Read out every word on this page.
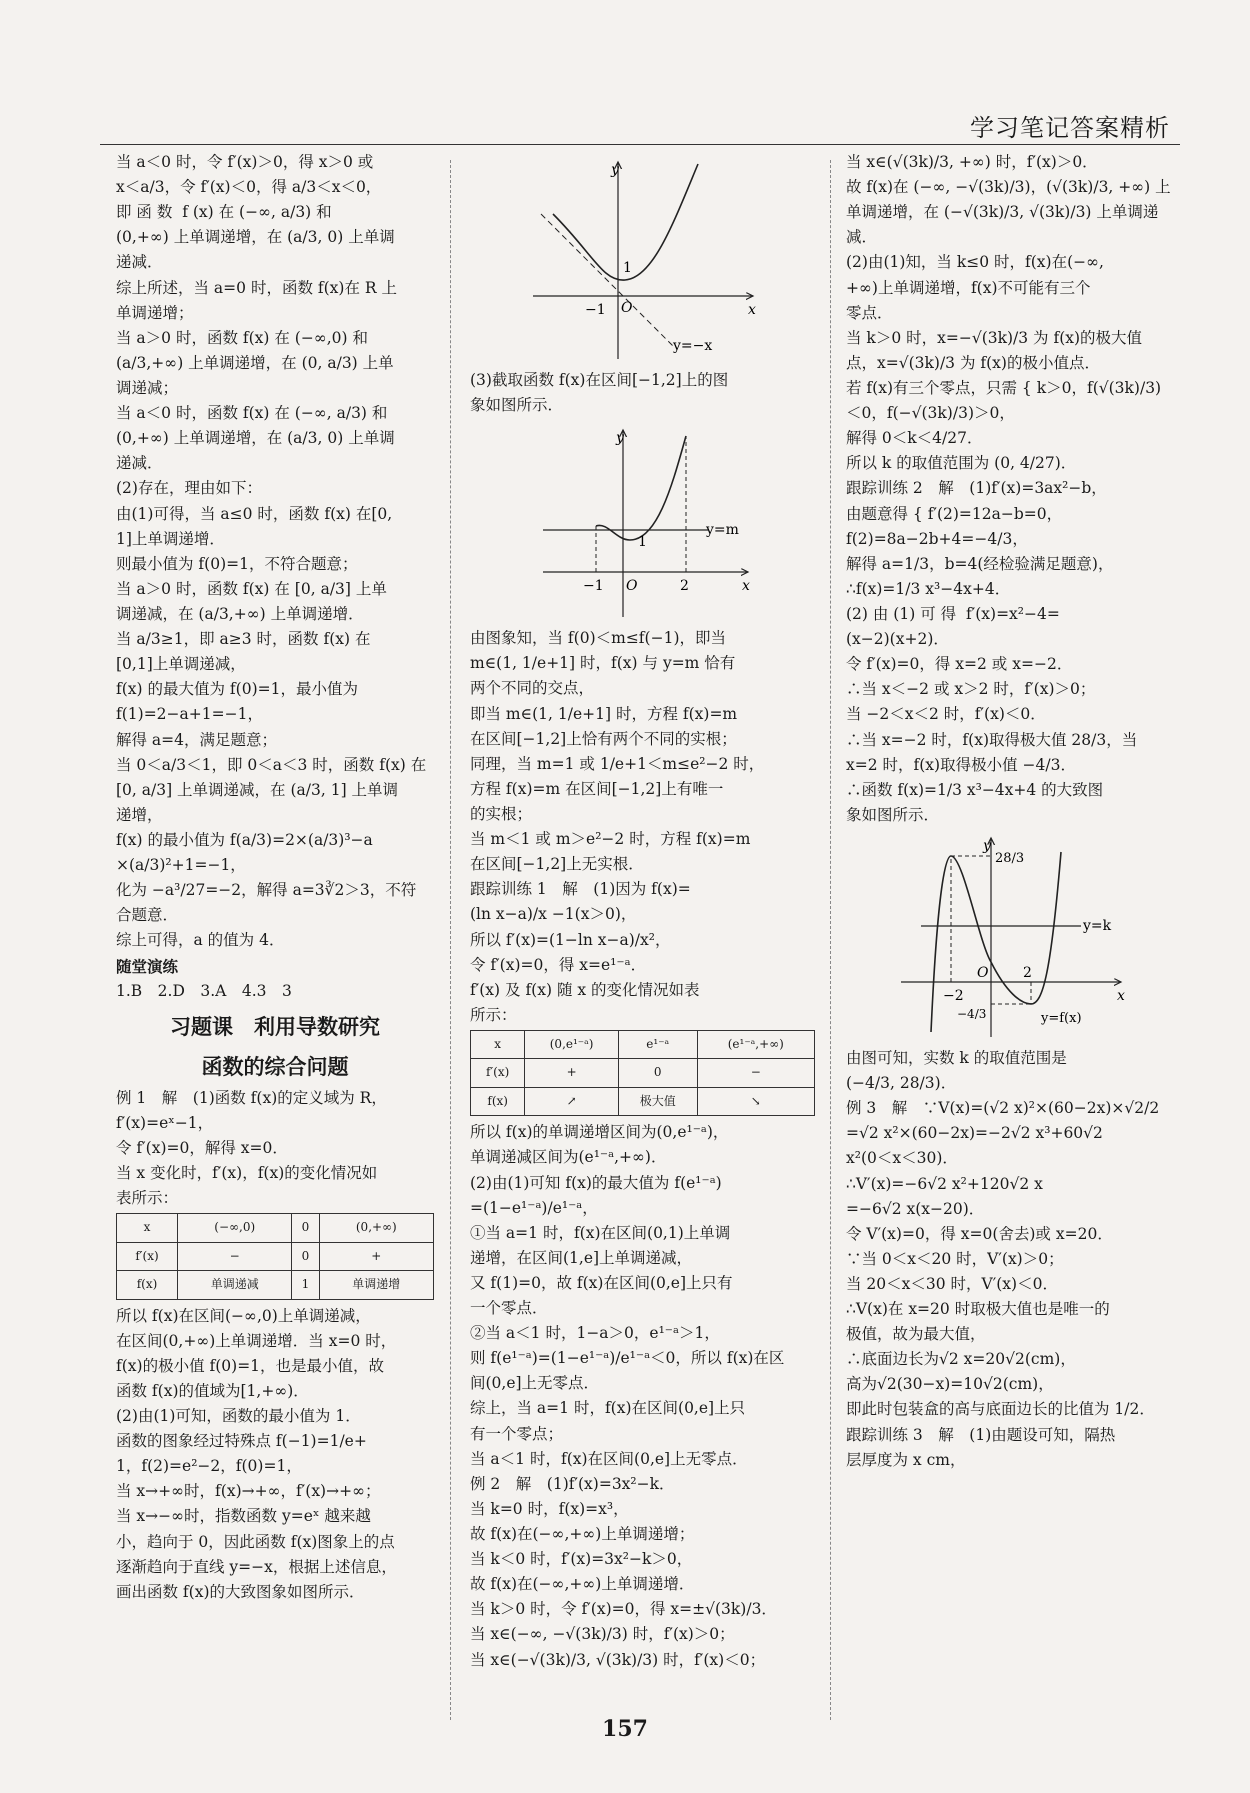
学习笔记答案精析

当 a＜0 时，令 f′(x)＞0，得 x＞0 或

x＜a/3，令 f′(x)＜0，得 a/3＜x＜0，

即 函 数  f (x) 在 (−∞, a/3) 和

(0,+∞) 上单调递增，在 (a/3, 0) 上单调

递减．

综上所述，当 a=0 时，函数 f(x)在 R 上

单调递增；

当 a＞0 时，函数 f(x) 在 (−∞,0) 和

(a/3,+∞) 上单调递增，在 (0, a/3) 上单

调递减；

当 a＜0 时，函数 f(x) 在 (−∞, a/3) 和

(0,+∞) 上单调递增，在 (a/3, 0) 上单调

递减．

(2)存在，理由如下：

由(1)可得，当 a≤0 时，函数 f(x) 在[0,

1]上单调递增．

则最小值为 f(0)=1，不符合题意；

当 a＞0 时，函数 f(x) 在 [0, a/3] 上单

调递减，在 (a/3,+∞) 上单调递增．

当 a/3≥1，即 a≥3 时，函数 f(x) 在

[0,1]上单调递减，

f(x) 的最大值为 f(0)=1，最小值为

f(1)=2−a+1=−1，

解得 a=4，满足题意；

当 0＜a/3＜1，即 0＜a＜3 时，函数 f(x) 在

[0, a/3] 上单调递减，在 (a/3, 1] 上单调

递增，

f(x) 的最小值为 f(a/3)=2×(a/3)³−a

×(a/3)²+1=−1，

化为 −a³/27=−2，解得 a=3∛2＞3，不符

合题意．

综上可得，a 的值为 4．

随堂演练

1.B　2.D　3.A　4.3　3

习题课　利用导数研究

函数的综合问题

例 1　解　(1)函数 f(x)的定义域为 R，

f′(x)=eˣ−1，

令 f′(x)=0，解得 x=0．

当 x 变化时，f′(x)，f(x)的变化情况如

表所示：

x	(−∞,0)	0	(0,+∞)
f′(x)	−	0	+
f(x)	单调递减	1	单调递增

所以 f(x)在区间(−∞,0)上单调递减，

在区间(0,+∞)上单调递增．当 x=0 时，

f(x)的极小值 f(0)=1，也是最小值，故

函数 f(x)的值域为[1,+∞)．

(2)由(1)可知，函数的最小值为 1．

函数的图象经过特殊点 f(−1)=1/e+

1，f(2)=e²−2，f(0)=1，

当 x→+∞时，f(x)→+∞，f′(x)→+∞；

当 x→−∞时，指数函数 y=eˣ 越来越

小，趋向于 0，因此函数 f(x)图象上的点

逐渐趋向于直线 y=−x，根据上述信息，

画出函数 f(x)的大致图象如图所示．

y
x
1
−1 O
y=−x

(3)截取函数 f(x)在区间[−1,2]上的图

象如图所示．

y
x
1
−1 O	2
y=m

由图象知，当 f(0)＜m≤f(−1)，即当

m∈(1, 1/e+1] 时，f(x) 与 y=m 恰有

两个不同的交点，

即当 m∈(1, 1/e+1] 时，方程 f(x)=m

在区间[−1,2]上恰有两个不同的实根；

同理，当 m=1 或 1/e+1＜m≤e²−2 时，

方程 f(x)=m 在区间[−1,2]上有唯一

的实根；

当 m＜1 或 m＞e²−2 时，方程 f(x)=m

在区间[−1,2]上无实根．

跟踪训练 1　解　(1)因为 f(x)=

(ln x−a)/x −1(x＞0)，

所以 f′(x)=(1−ln x−a)/x²，

令 f′(x)=0，得 x=e¹⁻ᵃ．

f′(x) 及 f(x) 随 x 的变化情况如表

所示：

x	(0,e¹⁻ᵃ)	e¹⁻ᵃ	(e¹⁻ᵃ,+∞)
f′(x)	+	0	−
f(x)	↗	极大值	↘

所以 f(x)的单调递增区间为(0,e¹⁻ᵃ)，

单调递减区间为(e¹⁻ᵃ,+∞)．

(2)由(1)可知 f(x)的最大值为 f(e¹⁻ᵃ)

=(1−e¹⁻ᵃ)/e¹⁻ᵃ，

①当 a=1 时，f(x)在区间(0,1)上单调

递增，在区间(1,e]上单调递减，

又 f(1)=0，故 f(x)在区间(0,e]上只有

一个零点．

②当 a＜1 时，1−a＞0，e¹⁻ᵃ＞1，

则 f(e¹⁻ᵃ)=(1−e¹⁻ᵃ)/e¹⁻ᵃ＜0，所以 f(x)在区

间(0,e]上无零点．

综上，当 a=1 时，f(x)在区间(0,e]上只

有一个零点；

当 a＜1 时，f(x)在区间(0,e]上无零点．

例 2　解　(1)f′(x)=3x²−k．

当 k=0 时，f(x)=x³，

故 f(x)在(−∞,+∞)上单调递增；

当 k＜0 时，f′(x)=3x²−k＞0，

故 f(x)在(−∞,+∞)上单调递增．

当 k＞0 时，令 f′(x)=0，得 x=±√(3k)/3．

当 x∈(−∞, −√(3k)/3) 时，f′(x)＞0；

当 x∈(−√(3k)/3, √(3k)/3) 时，f′(x)＜0；

当 x∈(√(3k)/3, +∞) 时，f′(x)＞0．

故 f(x)在 (−∞, −√(3k)/3)，(√(3k)/3, +∞) 上

单调递增，在 (−√(3k)/3, √(3k)/3) 上单调递减．

(2)由(1)知，当 k≤0 时，f(x)在(−∞,

+∞)上单调递增，f(x)不可能有三个

零点．

当 k＞0 时，x=−√(3k)/3 为 f(x)的极大值

点，x=√(3k)/3 为 f(x)的极小值点．

若 f(x)有三个零点，只需 { k＞0，f(√(3k)/3)＜0，f(−√(3k)/3)＞0，

解得 0＜k＜4/27．

所以 k 的取值范围为 (0, 4/27)．

跟踪训练 2　解　(1)f′(x)=3ax²−b，

由题意得 { f′(2)=12a−b=0，f(2)=8a−2b+4=−4/3，

解得 a=1/3，b=4(经检验满足题意)，

∴f(x)=1/3 x³−4x+4．

(2) 由 (1) 可 得  f′(x)=x²−4=

(x−2)(x+2)．

令 f′(x)=0，得 x=2 或 x=−2．

∴当 x＜−2 或 x＞2 时，f′(x)＞0；

当 −2＜x＜2 时，f′(x)＜0．

∴当 x=−2 时，f(x)取得极大值 28/3，当

x=2 时，f(x)取得极小值 −4/3．

∴函数 f(x)=1/3 x³−4x+4 的大致图

象如图所示．

y
x
28/3
O
−2
2
−4/3
y=k
y=f(x)

由图可知，实数 k 的取值范围是

(−4/3, 28/3)．

例 3　解　∵V(x)=(√2 x)²×(60−2x)×√2/2

=√2 x²×(60−2x)=−2√2 x³+60√2

x²(0＜x＜30)．

∴V′(x)=−6√2 x²+120√2 x

=−6√2 x(x−20)．

令 V′(x)=0，得 x=0(舍去)或 x=20．

∵当 0＜x＜20 时，V′(x)＞0；

当 20＜x＜30 时，V′(x)＜0．

∴V(x)在 x=20 时取极大值也是唯一的

极值，故为最大值，

∴底面边长为√2 x=20√2(cm)，

高为√2(30−x)=10√2(cm)，

即此时包装盒的高与底面边长的比值为 1/2．

跟踪训练 3　解　(1)由题设可知，隔热

层厚度为 x cm，

157
